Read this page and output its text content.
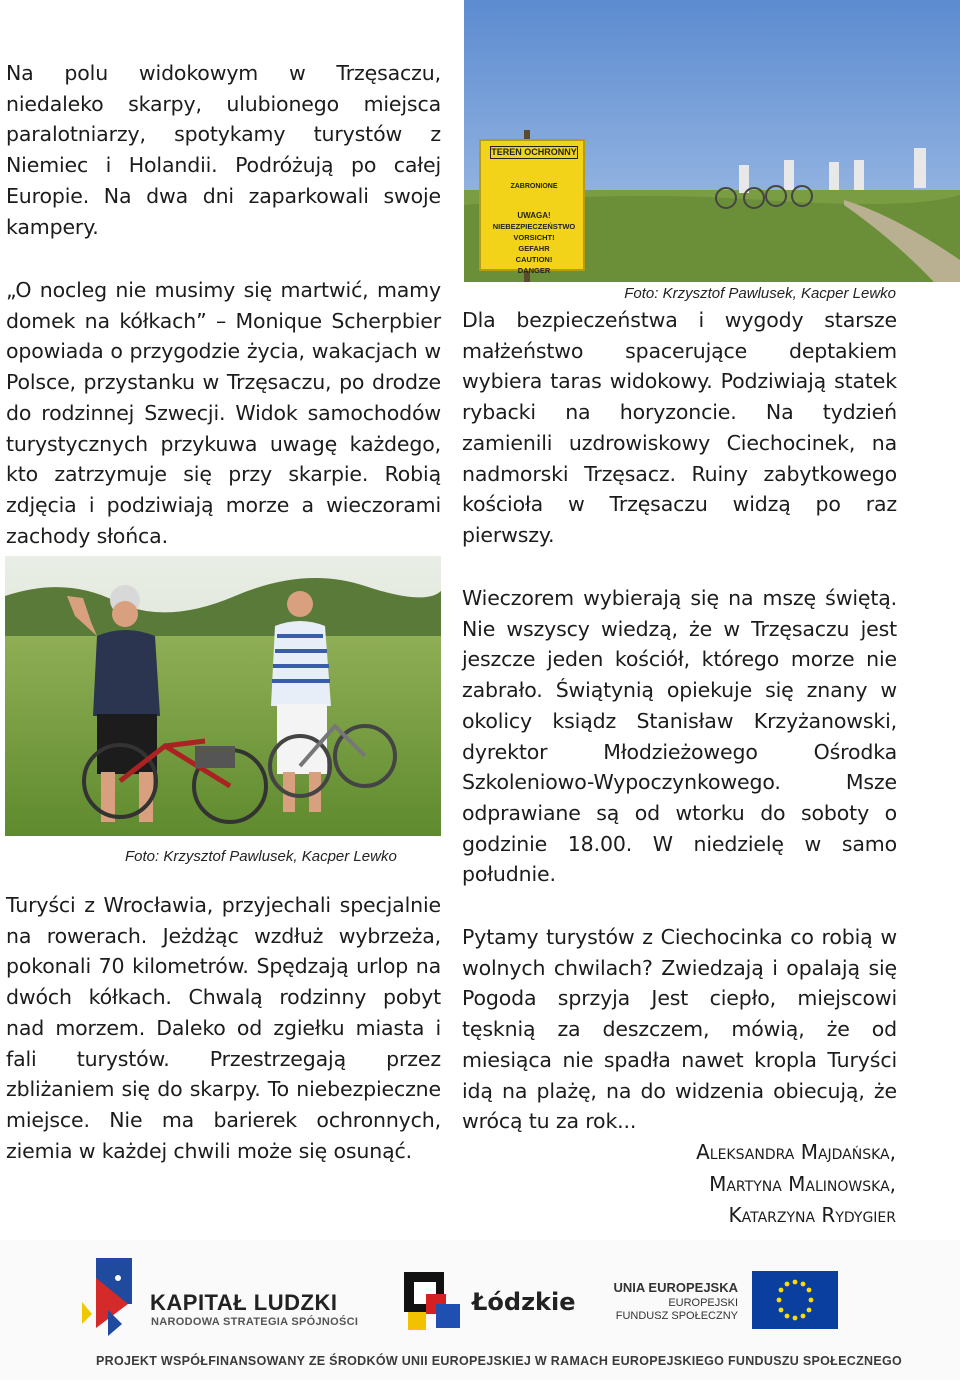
Na polu widokowym w Trzęsaczu, niedaleko skarpy, ulubionego miejsca paralotniarzy, spotykamy turystów z Niemiec i Holandii. Podróżują po całej Europie. Na dwa dni zaparkowali swoje kampery.

„O nocleg nie musimy się martwić, mamy domek na kółkach” – Monique Scherpbier opowiada o przygodzie życia, wakacjach w Polsce, przystanku w Trzęsaczu, po drodze do rodzinnej Szwecji. Widok samochodów turystycznych przykuwa uwagę każdego, kto zatrzymuje się przy skarpie. Robią zdjęcia i podziwiają morze a wieczorami zachody słońca.

Foto: Krzysztof Pawlusek, Kacper Lewko

Turyści z Wrocławia, przyjechali specjalnie na rowerach. Jeżdżąc wzdłuż wybrzeża, pokonali 70 kilometrów. Spędzają urlop na dwóch kółkach. Chwalą rodzinny pobyt nad morzem. Daleko od zgiełku miasta i fali turystów. Przestrzegają przez zbliżaniem się do skarpy. To niebezpieczne miejsce. Nie ma barierek ochronnych, ziemia w każdej chwili może się osunąć.

TEREN OCHRONNY
ZABRONIONE
UWAGA!
NIEBEZPIECZEŃSTWO
VORSICHT!
GEFAHR
CAUTION!
DANGER

Foto: Krzysztof Pawlusek, Kacper Lewko

Dla bezpieczeństwa i wygody starsze małżeństwo spacerujące deptakiem wybiera taras widokowy. Podziwiają statek rybacki na horyzoncie. Na tydzień zamienili uzdrowiskowy Ciechocinek, na nadmorski Trzęsacz. Ruiny zabytkowego kościoła w Trzęsaczu widzą po raz pierwszy.

Wieczorem wybierają się na mszę świętą. Nie wszyscy wiedzą, że w Trzęsaczu jest jeszcze jeden kościół, którego morze nie zabrało. Świątynią opiekuje się znany w okolicy ksiądz Stanisław Krzyżanowski, dyrektor Młodzieżowego Ośrodka Szkoleniowo-Wypoczynkowego. Msze odprawiane są od wtorku do soboty o godzinie 18.00. W niedzielę w samo południe.

Pytamy turystów z Ciechocinka co robią w wolnych chwilach? Zwiedzają i opalają się Pogoda sprzyja Jest ciepło, miejscowi tęsknią za deszczem, mówią, że od miesiąca nie spadła nawet kropla Turyści idą na plażę, na do widzenia obiecują, że wrócą tu za rok...

Aleksandra Majdańska,

Martyna Malinowska,

Katarzyna Rydygier

KAPITAŁ LUDZKI
NARODOWA STRATEGIA SPÓJNOŚCI
Łódzkie
UNIA EUROPEJSKA
EUROPEJSKI
FUNDUSZ SPOŁECZNY
PROJEKT WSPÓŁFINANSOWANY ZE ŚRODKÓW UNII EUROPEJSKIEJ W RAMACH EUROPEJSKIEGO FUNDUSZU SPOŁECZNEGO
